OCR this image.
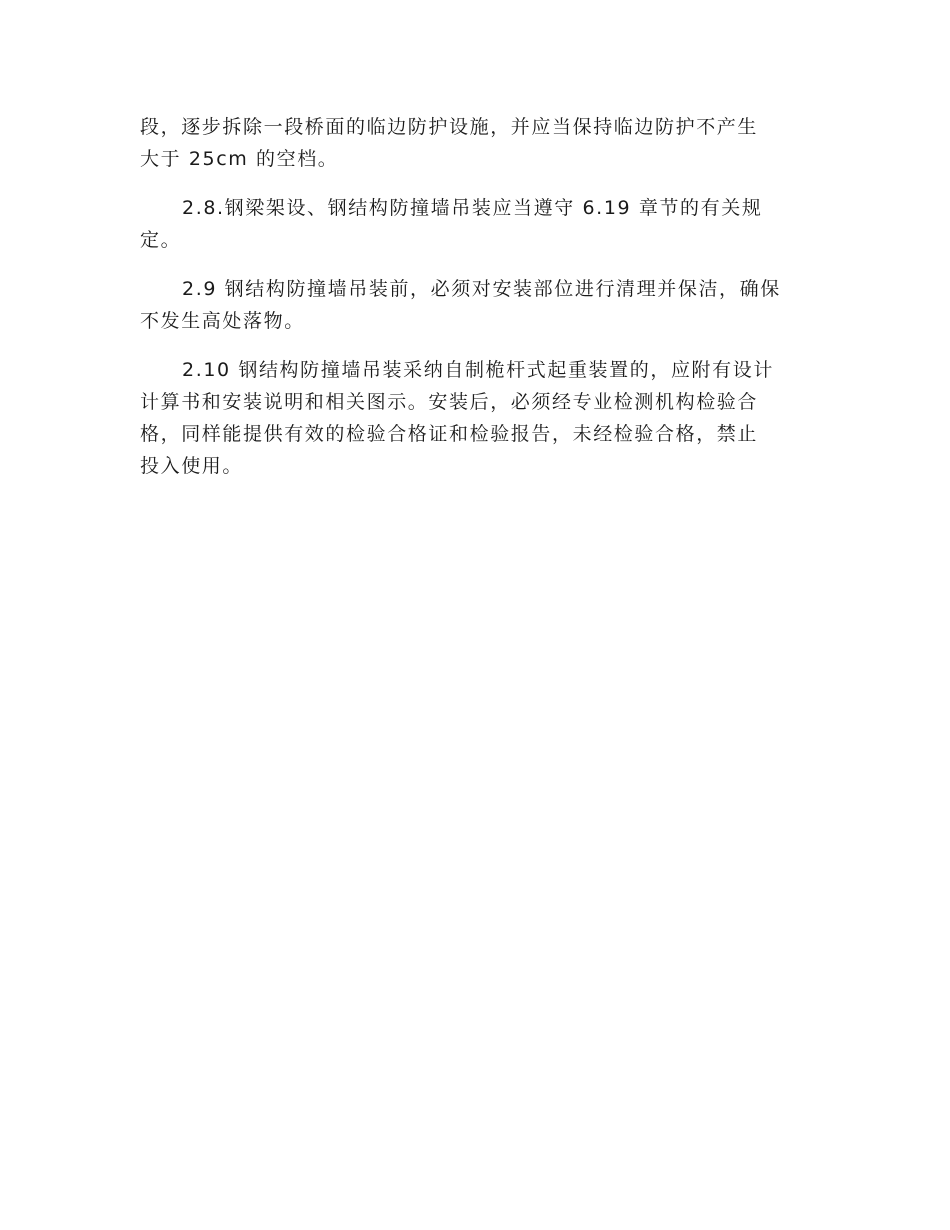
段，逐步拆除一段桥面的临边防护设施，并应当保持临边防护不产生
大于 25cm 的空档。
2.8.钢梁架设、钢结构防撞墙吊装应当遵守 6.19 章节的有关规
定。
2.9 钢结构防撞墙吊装前，必须对安装部位进行清理并保洁，确保
不发生高处落物。
2.10 钢结构防撞墙吊装采纳自制桅杆式起重装置的，应附有设计
计算书和安装说明和相关图示。安装后，必须经专业检测机构检验合
格，同样能提供有效的检验合格证和检验报告，未经检验合格，禁止
投入使用。
